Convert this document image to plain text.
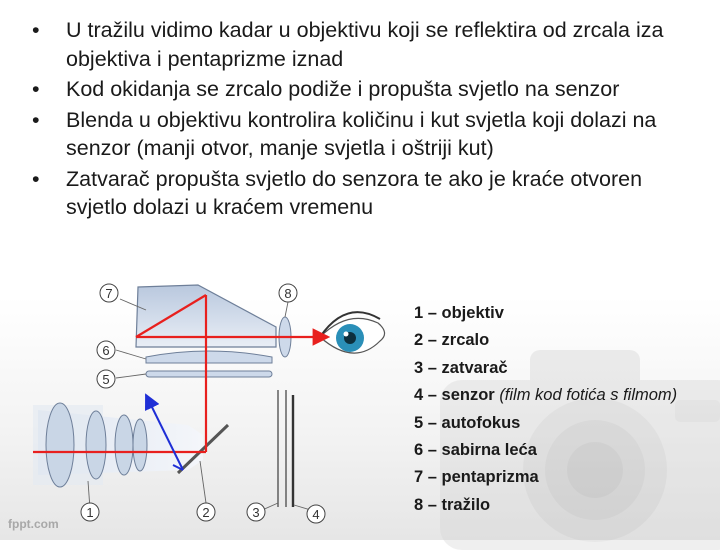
•	U tražilu vidimo kadar u objektivu koji se reflektira od zrcala iza objektiva i pentaprizme iznad
•	Kod okidanja se zrcalo podiže i propušta svjetlo na senzor
•	Blenda u objektivu kontrolira količinu i kut svjetla koji dolazi na senzor (manji otvor, manje svjetla i oštriji kut)
•	Zatvarač propušta svjetlo do senzora te ako je kraće otvoren svjetlo dolazi u kraćem vremenu
7	8
6
5
1	2	3	4
1 – objektiv
2 – zrcalo
3 – zatvarač
4 – senzor (film kod fotića s filmom)
5 – autofokus
6 – sabirna leća
7 – pentaprizma
8 – tražilo
fppt.com
